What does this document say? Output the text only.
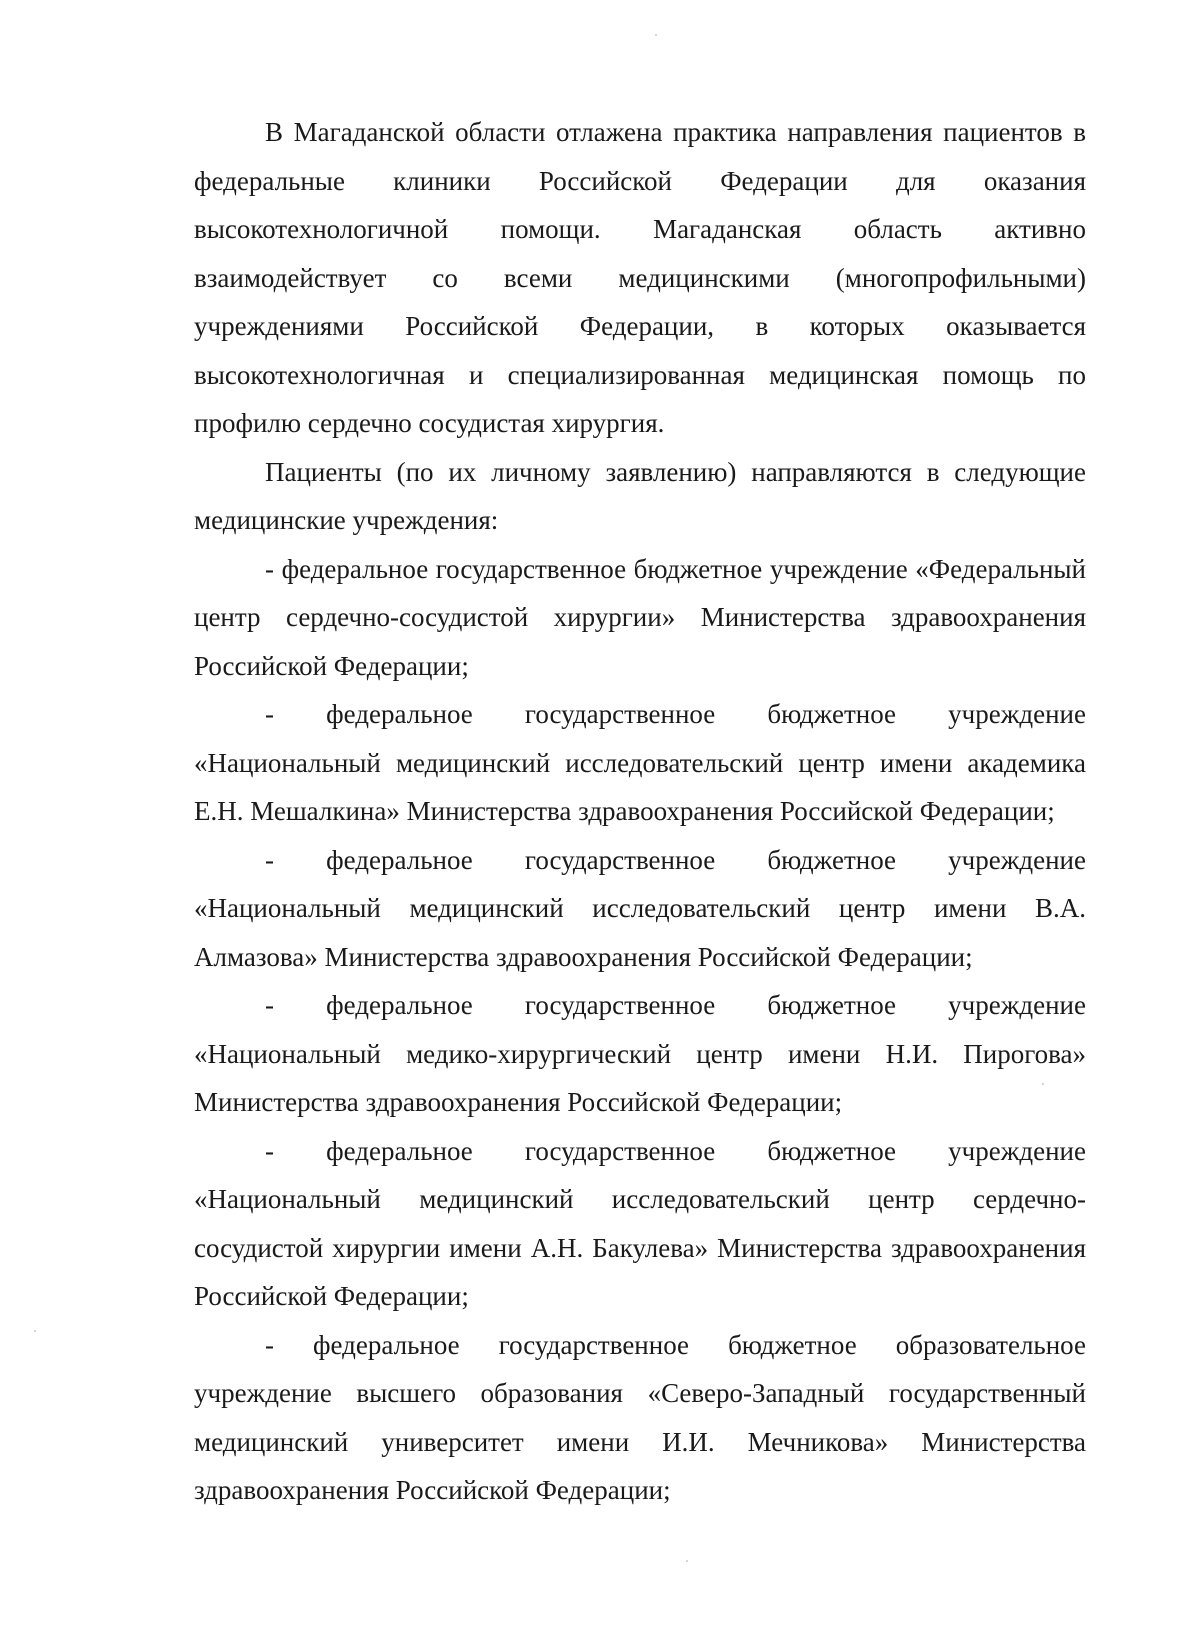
В Магаданской области отлажена практика направления пациентов в федеральные клиники Российской Федерации для оказания высокотехнологичной помощи. Магаданская область активно взаимодействует со всеми медицинскими (многопрофильными) учреждениями Российской Федерации, в которых оказывается высокотехнологичная и специализированная медицинская помощь по профилю сердечно сосудистая хирургия.

Пациенты (по их личному заявлению) направляются в следующие медицинские учреждения:

- федеральное государственное бюджетное учреждение «Федеральный центр сердечно-сосудистой хирургии» Министерства здравоохранения Российской Федерации;

- федеральное государственное бюджетное учреждение «Национальный медицинский исследовательский центр имени академика Е.Н. Мешалкина» Министерства здравоохранения Российской Федерации;

- федеральное государственное бюджетное учреждение «Национальный медицинский исследовательский центр имени В.А. Алмазова» Министерства здравоохранения Российской Федерации;

- федеральное государственное бюджетное учреждение «Национальный медико-хирургический центр имени Н.И. Пирогова» Министерства здравоохранения Российской Федерации;

- федеральное государственное бюджетное учреждение «Национальный медицинский исследовательский центр сердечно-сосудистой хирургии имени А.Н. Бакулева» Министерства здравоохранения Российской Федерации;

- федеральное государственное бюджетное образовательное учреждение высшего образования «Северо-Западный государственный медицинский университет имени И.И. Мечникова» Министерства здравоохранения Российской Федерации;
